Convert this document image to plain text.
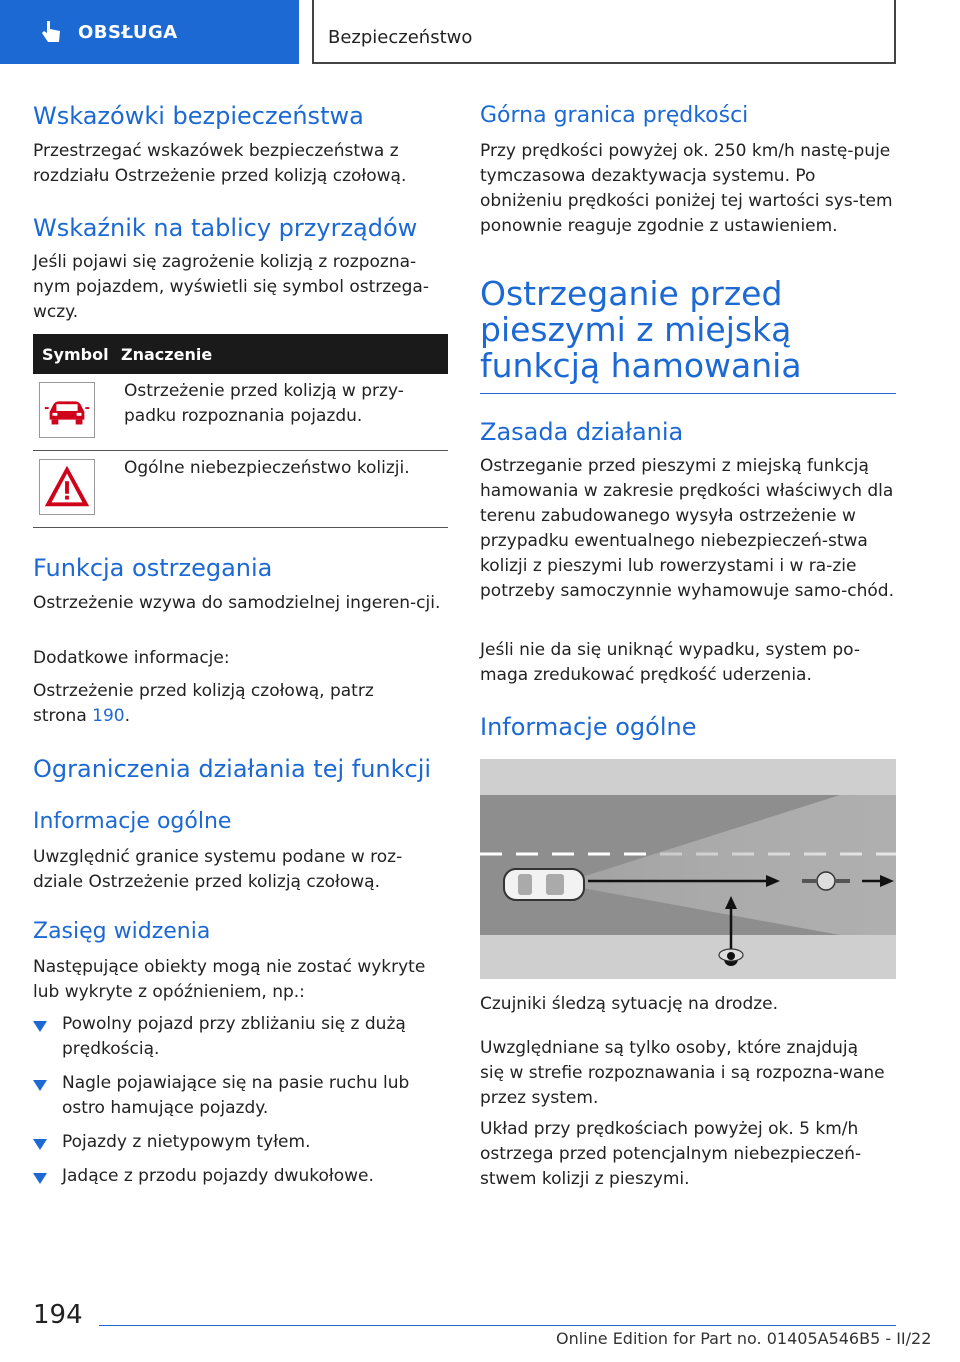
OBSŁUGA	Bezpieczeństwo
Wskazówki bezpieczeństwa
Przestrzegać wskazówek bezpieczeństwa z rozdziału Ostrzeżenie przed kolizją czołową.
Wskaźnik na tablicy przyrządów
Jeśli pojawi się zagrożenie kolizją z rozpozna-nym pojazdem, wyświetli się symbol ostrzega-wczy.
Symbol Znaczenie
Ostrzeżenie przed kolizją w przy-padku rozpoznania pojazdu.
Ogólne niebezpieczeństwo kolizji.
Funkcja ostrzegania
Ostrzeżenie wzywa do samodzielnej ingeren-cji.
Dodatkowe informacje:
Ostrzeżenie przed kolizją czołową, patrz strona 190.
Ograniczenia działania tej funkcji
Informacje ogólne
Uwzględnić granice systemu podane w roz-dziale Ostrzeżenie przed kolizją czołową.
Zasięg widzenia
Następujące obiekty mogą nie zostać wykryte lub wykryte z opóźnieniem, np.:
Powolny pojazd przy zbliżaniu się z dużą prędkością.
Nagle pojawiające się na pasie ruchu lub ostro hamujące pojazdy.
Pojazdy z nietypowym tyłem.
Jadące z przodu pojazdy dwukołowe.
Górna granica prędkości
Przy prędkości powyżej ok. 250 km/h nastę-puje tymczasowa dezaktywacja systemu. Po obniżeniu prędkości poniżej tej wartości sys-tem ponownie reaguje zgodnie z ustawieniem.
Ostrzeganie przed pieszymi z miejską funkcją hamowania
Zasada działania
Ostrzeganie przed pieszymi z miejską funkcją hamowania w zakresie prędkości właściwych dla terenu zabudowanego wysyła ostrzeżenie w przypadku ewentualnego niebezpieczeń-stwa kolizji z pieszymi lub rowerzystami i w ra-zie potrzeby samoczynnie wyhamowuje samo-chód.
Jeśli nie da się uniknąć wypadku, system po-maga zredukować prędkość uderzenia.
Informacje ogólne
Czujniki śledzą sytuację na drodze.
Uwzględniane są tylko osoby, które znajdują się w strefie rozpoznawania i są rozpozna-wane przez system.
Układ przy prędkościach powyżej ok. 5 km/h ostrzega przed potencjalnym niebezpieczeń-stwem kolizji z pieszymi.
194
Online Edition for Part no. 01405A546B5 - II/22
